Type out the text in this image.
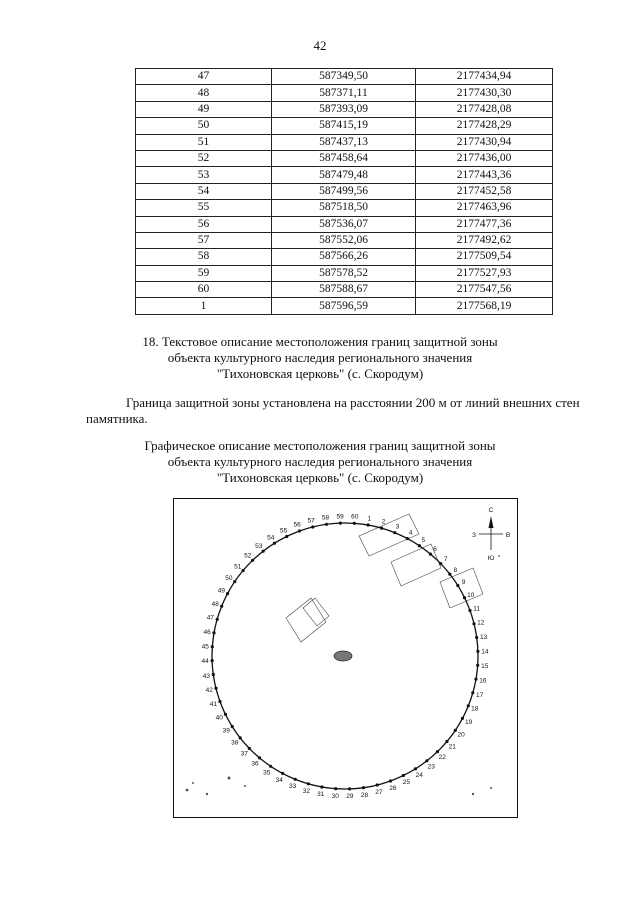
42
47	587349,50	2177434,94
48	587371,11	2177430,30
49	587393,09	2177428,08
50	587415,19	2177428,29
51	587437,13	2177430,94
52	587458,64	2177436,00
53	587479,48	2177443,36
54	587499,56	2177452,58
55	587518,50	2177463,96
56	587536,07	2177477,36
57	587552,06	2177492,62
58	587566,26	2177509,54
59	587578,52	2177527,93
60	587588,67	2177547,56
1	587596,59	2177568,19
18. Текстовое описание местоположения границ защитной зоны
объекта культурного наследия регионального значения
"Тихоновская церковь" (с. Скородум)
Граница защитной зоны установлена на расстоянии 200 м от линий внешних стен
памятника.
Графическое описание местоположения границ защитной зоны
объекта культурного наследия регионального значения
"Тихоновская церковь" (с. Скородум)
С
З	В
Ю
1 2
3
4
5
6
7
8
9
10
11
12
13
14
15
16
17
18
19
20
21
22
23
24
25
26
27
28
29
30
31
32
33
34
35
36
37
38
39
40
41
42
43
44
45
46
47
48
49
50
51
52
53
54
55
56
57 58 59 60
